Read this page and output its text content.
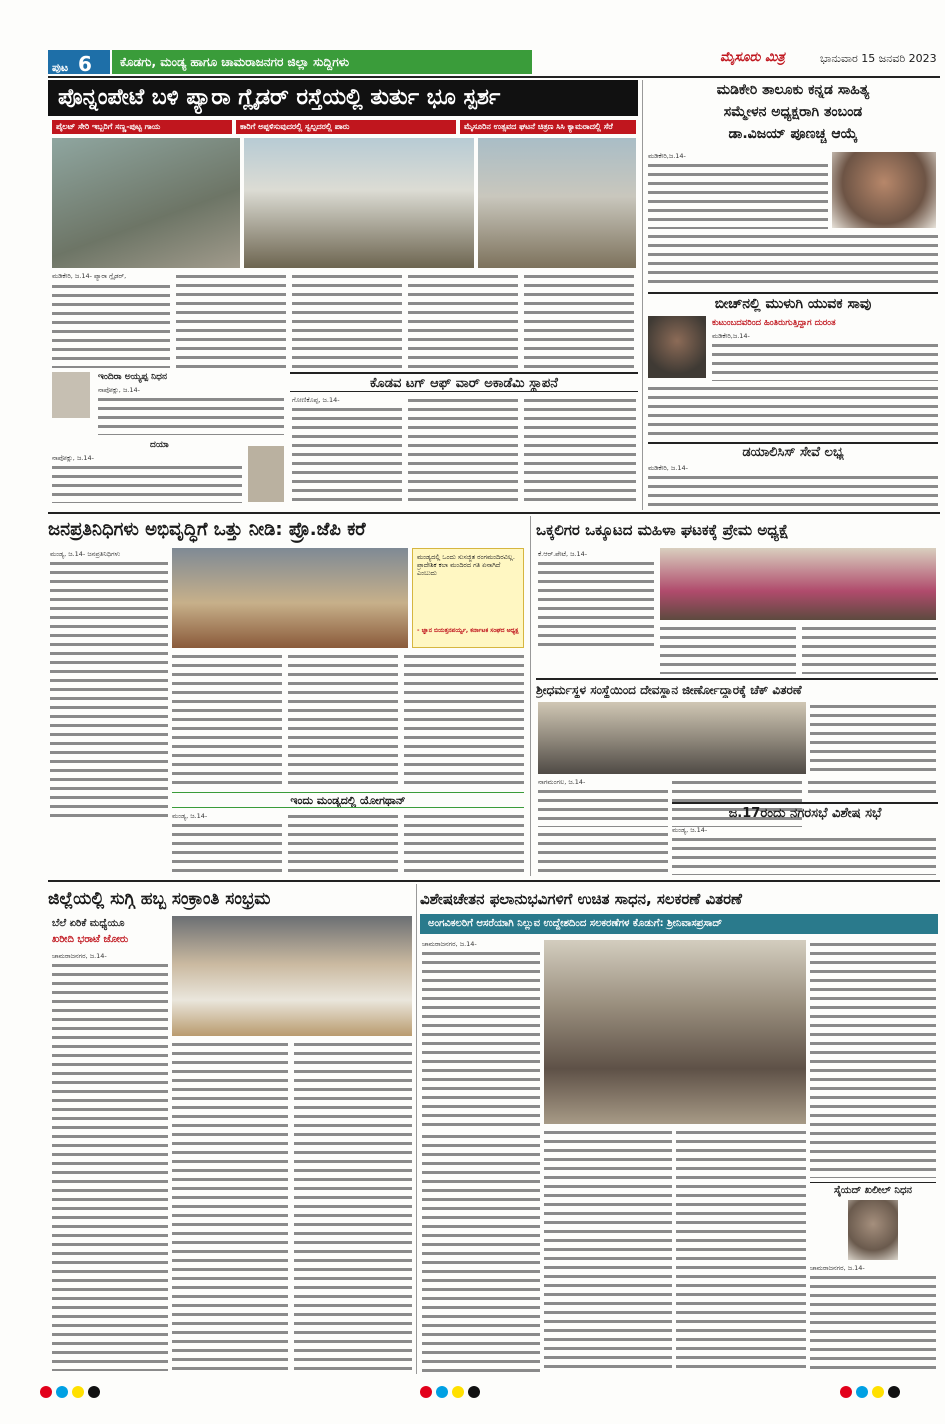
ಪುಟ 6	ಕೊಡಗು, ಮಂಡ್ಯ ಹಾಗೂ ಚಾಮರಾಜನಗರ ಜಿಲ್ಲಾ ಸುದ್ದಿಗಳು	ಮೈಸೂರು ಮಿತ್ರ	ಭಾನುವಾರ 15 ಜನವರಿ 2023
ಪೊನ್ನಂಪೇಟೆ ಬಳಿ ಪ್ಯಾರಾ ಗ್ಲೈಡರ್ ರಸ್ತೆಯಲ್ಲಿ ತುರ್ತು ಭೂ ಸ್ಪರ್ಶ
ಪೈಲಟ್ ಸೇರಿ ಇಬ್ಬರಿಗೆ ಸಣ್ಣ-ಪುಟ್ಟ ಗಾಯ	ಕಾರಿಗೆ ಅಪ್ಪಳಿಸುವುದರಲ್ಲಿ ಸ್ವಲ್ಪದರಲ್ಲಿ ಪಾರು	ಮೈಸೂರಿನ ಉತ್ಸವದ ಘಟನೆ ಚಿತ್ರಣ ಸಿಸಿ ಕ್ಯಾಮರಾದಲ್ಲಿ ಸೆರೆ
ಮಡಿಕೇರಿ, ಜ.14- ಪ್ಯಾರಾ ಗ್ಲೈಡರ್,
ಇಂದಿರಾ ಅಯ್ಯಪ್ಪ ನಿಧನ
ನಾಪೋಕ್ಲು, ಜ.14-
ದಯಾ
ನಾಪೋಕ್ಲು, ಜ.14-
ಕೊಡವ ಟಗ್ ಆಫ್ ವಾರ್ ಅಕಾಡೆಮಿ ಸ್ಥಾಪನೆ
ಗೋಣಿಕೊಪ್ಪ, ಜ.14-
ಮಡಿಕೇರಿ ತಾಲೂಕು ಕನ್ನಡ ಸಾಹಿತ್ಯ
ಸಮ್ಮೇಳನ ಅಧ್ಯಕ್ಷರಾಗಿ ತಂಬಂಡ
ಡಾ.ವಿಜಯ್ ಪೂಣಚ್ಚ ಆಯ್ಕೆ
ಮಡಿಕೇರಿ,ಜ.14-
ಬೀಚ್‌ನಲ್ಲಿ ಮುಳುಗಿ ಯುವಕ ಸಾವು
ಕುಟುಂಬದವರಿಂದ ಹಿಂತಿರುಗುತ್ತಿದ್ದಾಗ ದುರಂತ
ಮಡಿಕೇರಿ,ಜ.14-
ಡಯಾಲಿಸಿಸ್ ಸೇವೆ ಲಭ್ಯ
ಮಡಿಕೇರಿ, ಜ.14-
ಜನಪ್ರತಿನಿಧಿಗಳು ಅಭಿವೃದ್ಧಿಗೆ ಒತ್ತು ನೀಡಿ: ಪ್ರೊ.ಜೆಪಿ ಕರೆ
ಮಂಡ್ಯ, ಜ.14- ಜನಪ್ರತಿನಿಧಿಗಳು	ಮಂಡ್ಯದಲ್ಲಿ ಒಂದು ಸುಸಜ್ಜಿತ ರಂಗಮಂದಿರವಿಲ್ಲ. ಪ್ರಾದೇಶಿಕ ಕಲಾ ಮಂದಿರದ ಗತಿ ಏನಾಗಿದೆ ಎಂಬುದು
- ಜ್ಞಾನ ಬಿಯತ್ತನಪರ್ಯ್ವ, ಕರ್ನಾಟಕ ಸಂಘದ ಅಧ್ಯಕ್ಷ
ಇಂದು ಮಂಡ್ಯದಲ್ಲಿ ಯೋಗಥಾನ್
ಮಂಡ್ಯ, ಜ.14-
ಒಕ್ಕಲಿಗರ ಒಕ್ಕೂಟದ ಮಹಿಳಾ ಘಟಕಕ್ಕೆ ಪ್ರೇಮ ಅಧ್ಯಕ್ಷೆ
ಕೆ.ಆರ್.ಪೇಟೆ, ಜ.14-
ಶ್ರೀಧರ್ಮಸ್ಥಳ ಸಂಸ್ಥೆಯಿಂದ ದೇವಸ್ಥಾನ ಜೀರ್ಣೋದ್ಧಾರಕ್ಕೆ ಚೆಕ್ ವಿತರಣೆ
ನಾಗಮಂಗಲ, ಜ.14-
ಜ.17ರಂದು ನಗರಸಭೆ ವಿಶೇಷ ಸಭೆ
ಮಂಡ್ಯ, ಜ.14-
ಜಿಲ್ಲೆಯಲ್ಲಿ ಸುಗ್ಗಿ ಹಬ್ಬ ಸಂಕ್ರಾಂತಿ ಸಂಭ್ರಮ
ಬೆಲೆ ಏರಿಕೆ ಮಧ್ಯೆಯೂ
ಖರೀದಿ ಭರಾಟೆ ಜೋರು
ಚಾಮರಾಜನಗರ, ಜ.14-
ವಿಶೇಷಚೇತನ ಫಲಾನುಭವಿಗಳಿಗೆ ಉಚಿತ ಸಾಧನ, ಸಲಕರಣೆ ವಿತರಣೆ
ಅಂಗವಿಕಲರಿಗೆ ಆಸರೆಯಾಗಿ ನಿಲ್ಲುವ ಉದ್ದೇಶದಿಂದ ಸಲಕರಣೆಗಳ ಕೊಡುಗೆ: ಶ್ರೀನಿವಾಸಪ್ರಸಾದ್
ಚಾಮರಾಜನಗರ, ಜ.14-
ಸೈಯದ್ ಖಲೀಲ್ ನಿಧನ
ಚಾಮರಾಜನಗರ, ಜ.14-
